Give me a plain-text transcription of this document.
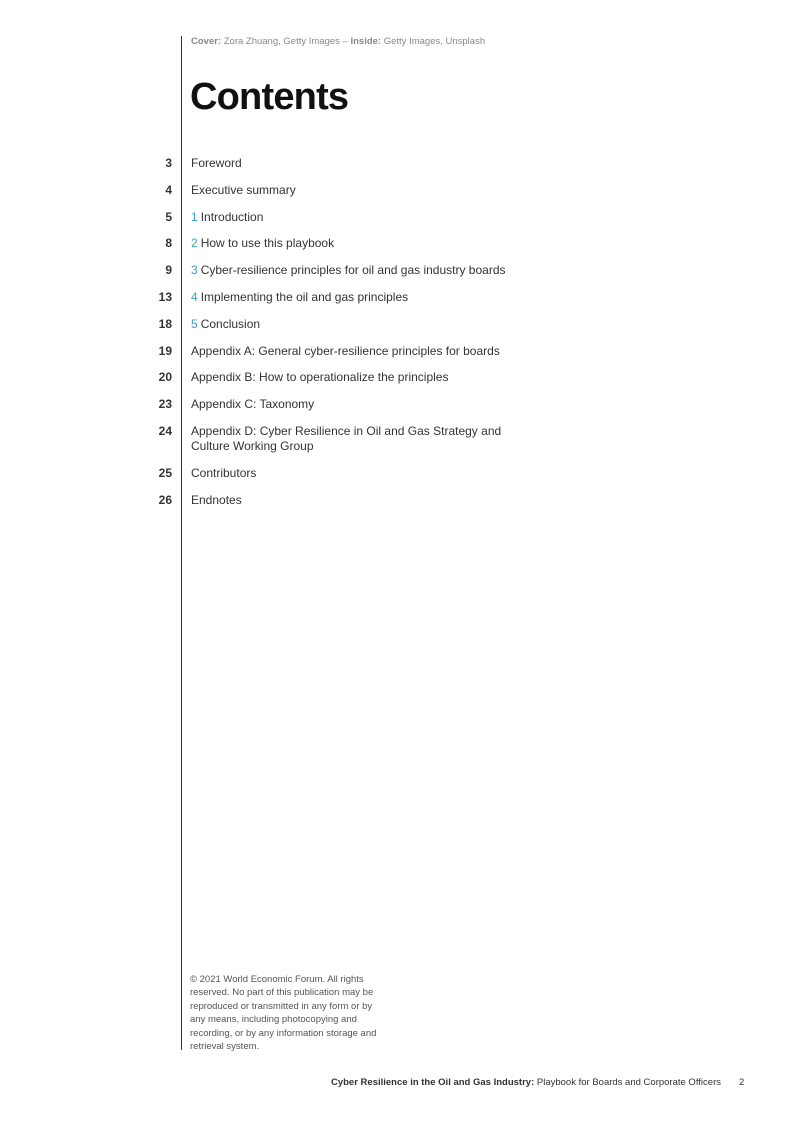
Cover: Zora Zhuang, Getty Images – Inside: Getty Images, Unsplash
Contents
3 Foreword
4 Executive summary
5 1 Introduction
8 2 How to use this playbook
9 3 Cyber-resilience principles for oil and gas industry boards
13 4 Implementing the oil and gas principles
18 5 Conclusion
19 Appendix A: General cyber-resilience principles for boards
20 Appendix B: How to operationalize the principles
23 Appendix C: Taxonomy
24 Appendix D: Cyber Resilience in Oil and Gas Strategy and Culture Working Group
25 Contributors
26 Endnotes
© 2021 World Economic Forum. All rights reserved. No part of this publication may be reproduced or transmitted in any form or by any means, including photocopying and recording, or by any information storage and retrieval system.
Cyber Resilience in the Oil and Gas Industry: Playbook for Boards and Corporate Officers 2
